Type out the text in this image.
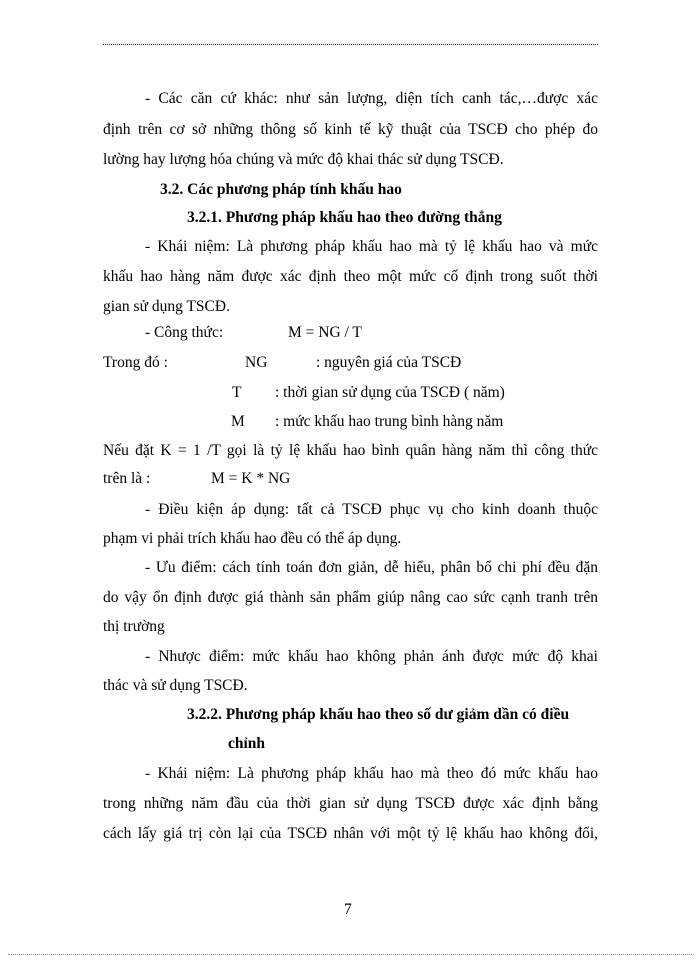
- Các căn cứ khác: như sản lượng, diện tích canh tác,…được xác
định trên cơ sở những thông số kinh tế kỹ thuật của TSCĐ cho phép đo
lường hay lượng hóa chúng và mức độ khai thác sử dụng TSCĐ.
3.2. Các phương pháp tính khấu hao
3.2.1. Phương pháp khấu hao theo đường thẳng
- Khái niệm: Là phương pháp khấu hao mà tỷ lệ khấu hao và mức
khấu hao hàng năm được xác định theo một mức cố định trong suốt thời
gian sử dụng TSCĐ.
- Công thức:	M = NG / T
Trong đó :	NG	: nguyên giá của TSCĐ
T : thời gian sử dụng của TSCĐ ( năm)
M : mức khấu hao trung bình hàng năm
Nếu đặt K = 1 /T gọi là tỷ lệ khấu hao bình quân hàng năm thì công thức
trên là :	M = K * NG
- Điều kiện áp dụng: tất cả TSCĐ phục vụ cho kinh doanh thuộc
phạm vi phải trích khấu hao đều có thể áp dụng.
- Ưu điểm: cách tính toán đơn giản, dễ hiểu, phân bổ chi phí đều đặn
do vậy ổn định được giá thành sản phẩm giúp nâng cao sức cạnh tranh trên
thị trường
- Nhược điểm: mức khấu hao không phản ánh được mức độ khai
thác và sử dụng TSCĐ.
3.2.2. Phương pháp khấu hao theo số dư giảm dần có điều
chỉnh
- Khái niệm: Là phương pháp khấu hao mà theo đó mức khấu hao
trong những năm đầu của thời gian sử dụng TSCĐ được xác định bằng
cách lấy giá trị còn lại của TSCĐ nhân với một tỷ lệ khấu hao không đổi,
7
